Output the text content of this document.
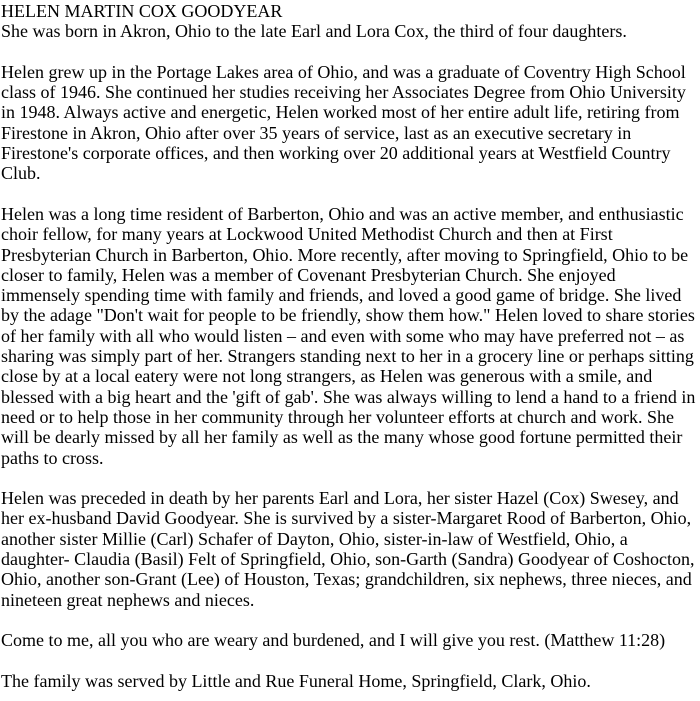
HELEN MARTIN COX GOODYEAR

She was born in Akron, Ohio to the late Earl and Lora Cox, the third of four daughters.

Helen grew up in the Portage Lakes area of Ohio, and was a graduate of Coventry High School class of 1946. She continued her studies receiving her Associates Degree from Ohio University in 1948. Always active and energetic, Helen worked most of her entire adult life, retiring from Firestone in Akron, Ohio after over 35 years of service, last as an executive secretary in Firestone's corporate offices, and then working over 20 additional years at Westfield Country Club.

Helen was a long time resident of Barberton, Ohio and was an active member, and enthusiastic choir fellow, for many years at Lockwood United Methodist Church and then at First Presbyterian Church in Barberton, Ohio. More recently, after moving to Springfield, Ohio to be closer to family, Helen was a member of Covenant Presbyterian Church. She enjoyed immensely spending time with family and friends, and loved a good game of bridge. She lived by the adage "Don't wait for people to be friendly, show them how." Helen loved to share stories of her family with all who would listen – and even with some who may have preferred not – as sharing was simply part of her. Strangers standing next to her in a grocery line or perhaps sitting close by at a local eatery were not long strangers, as Helen was generous with a smile, and blessed with a big heart and the 'gift of gab'. She was always willing to lend a hand to a friend in need or to help those in her community through her volunteer efforts at church and work. She will be dearly missed by all her family as well as the many whose good fortune permitted their paths to cross.

Helen was preceded in death by her parents Earl and Lora, her sister Hazel (Cox) Swesey, and her ex-husband David Goodyear. She is survived by a sister-Margaret Rood of Barberton, Ohio, another sister Millie (Carl) Schafer of Dayton, Ohio, sister-in-law of Westfield, Ohio, a daughter- Claudia (Basil) Felt of Springfield, Ohio, son-Garth (Sandra) Goodyear of Coshocton, Ohio, another son-Grant (Lee) of Houston, Texas; grandchildren, six nephews, three nieces, and nineteen great nephews and nieces.

Come to me, all you who are weary and burdened, and I will give you rest. (Matthew 11:28)

The family was served by Little and Rue Funeral Home, Springfield, Clark, Ohio.
